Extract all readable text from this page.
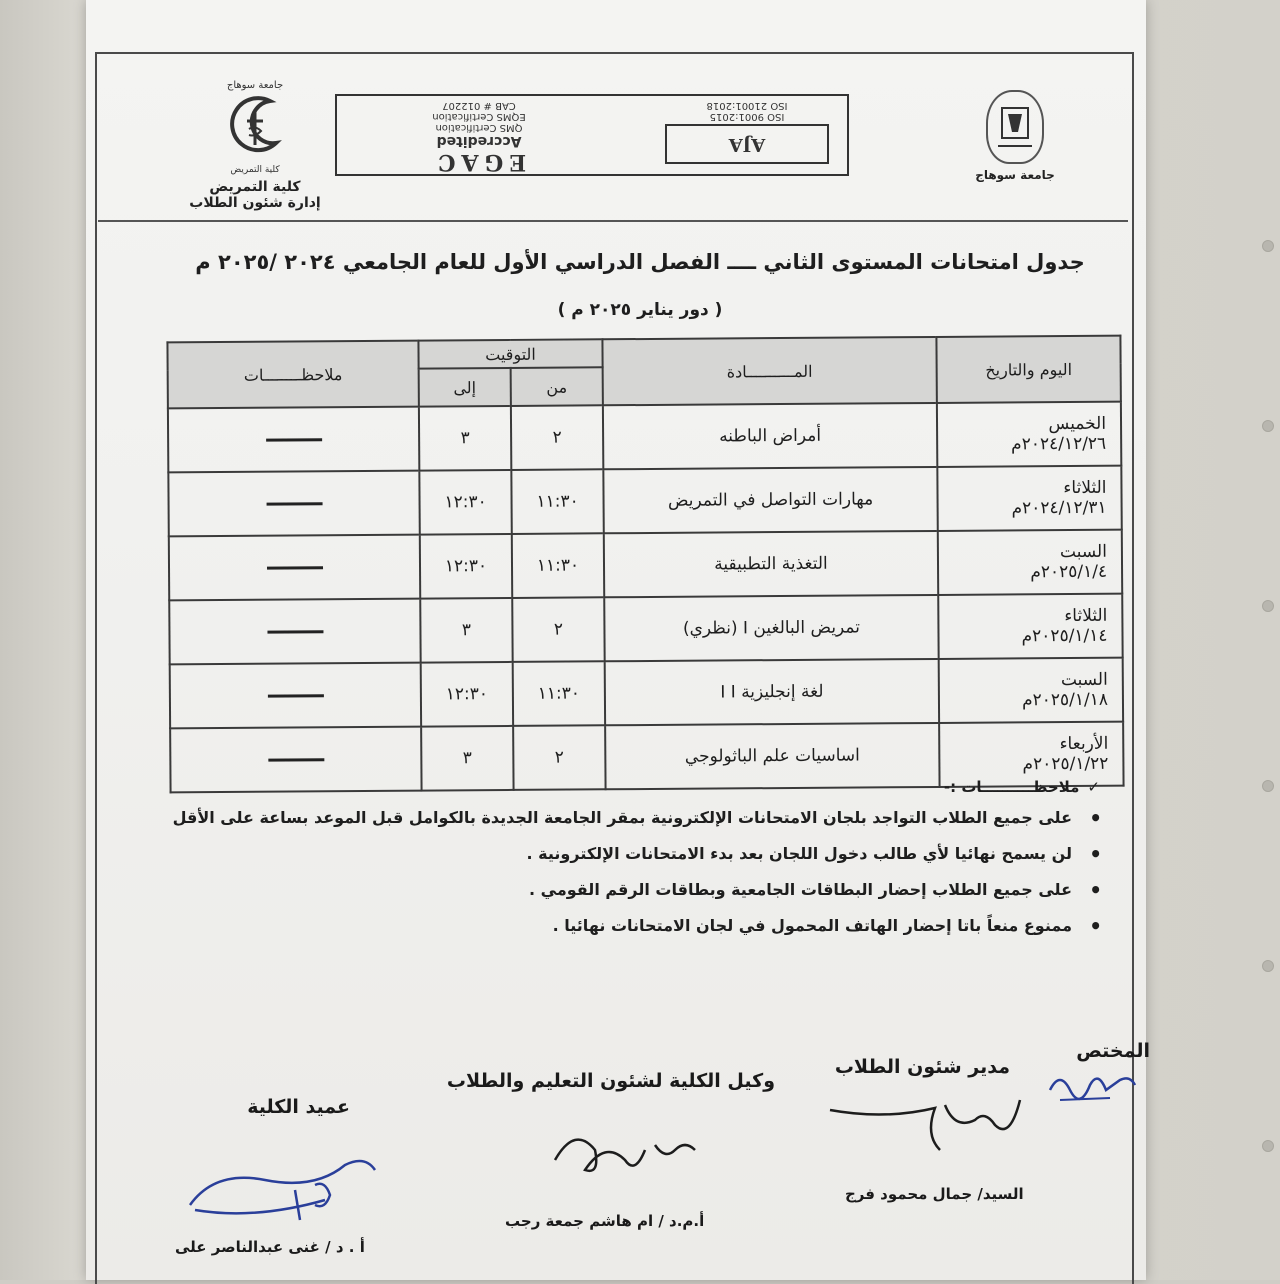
جامعة سوهاج
كلية التمريض
كلية التمريض
إدارة شئون الطلاب
CAB # 012207
EQMS Certification
QMS Certification
Accredited
EGAC
ISO 21001:2018
ISO 9001:2015
AJA
جامعة سوهاج
جدول امتحانات المستوى الثاني ــــ الفصل الدراسي الأول للعام الجامعي ٢٠٢٤ /٢٠٢٥ م
( دور يناير ٢٠٢٥ م )
اليوم والتاريخ	المــــــــــادة	التوقيت		ملاحظــــــــات
		من	إلى	

الخميس
٢٠٢٤/١٢/٢٦م	أمراض الباطنه	٢	٣	

الثلاثاء
٢٠٢٤/١٢/٣١م	مهارات التواصل في التمريض	١١:٣٠	١٢:٣٠	

السبت
٢٠٢٥/١/٤م	التغذية التطبيقية	١١:٣٠	١٢:٣٠	

الثلاثاء
٢٠٢٥/١/١٤م	تمريض البالغين I (نظري)	٢	٣	

السبت
٢٠٢٥/١/١٨م	لغة إنجليزية I I	١١:٣٠	١٢:٣٠	

الأربعاء
٢٠٢٥/١/٢٢م	اساسيات علم الباثولوجي	٢	٣	
✓ملاحظــــــــــات :-
• على جميع الطلاب التواجد بلجان الامتحانات الإلكترونية بمقر الجامعة الجديدة بالكوامل قبل الموعد بساعة على الأقل
• لن يسمح نهائيا لأي طالب دخول اللجان بعد بدء الامتحانات الإلكترونية .
• على جميع الطلاب إحضار البطاقات الجامعية وبطاقات الرقم القومي .
• ممنوع منعاً باتا إحضار الهاتف المحمول في لجان الامتحانات نهائيا .
المختص
مدير شئون الطلاب
وكيل الكلية لشئون التعليم والطلاب
عميد الكلية
السيد/ جمال محمود فرج
أ.م.د / ام هاشم جمعة رجب
أ . د / غنى عبدالناصر على
